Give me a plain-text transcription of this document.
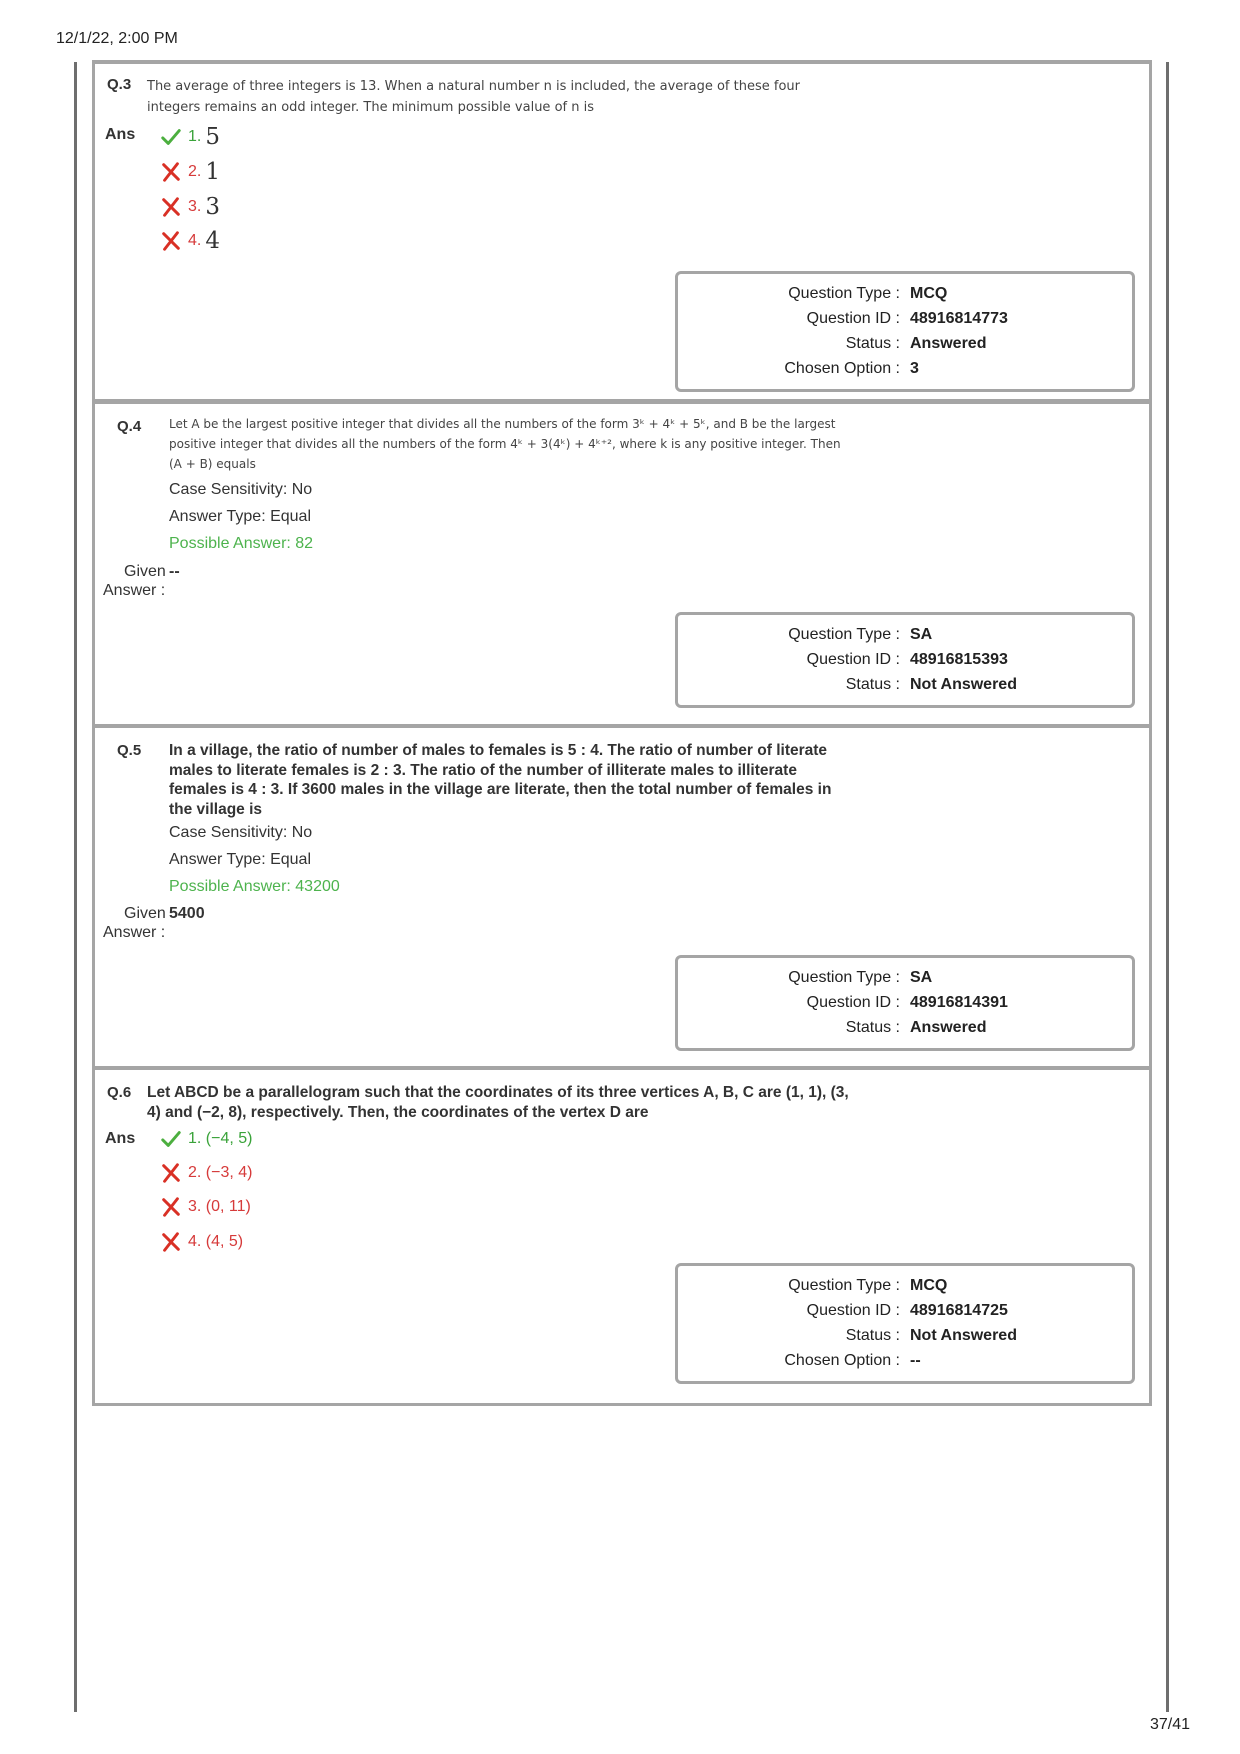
12/1/22, 2:00 PM
37/41
Q.3 The average of three integers is 13. When a natural number n is included, the average of these four integers remains an odd integer. The minimum possible value of n is
Ans	1. 5
2. 1
3. 3
4. 4
Question Type : MCQ
Question ID : 48916814773
Status : Answered
Chosen Option : 3
Q.4 Let A be the largest positive integer that divides all the numbers of the form 3ᵏ + 4ᵏ + 5ᵏ, and B be the largest
positive integer that divides all the numbers of the form 4ᵏ + 3(4ᵏ) + 4ᵏ⁺², where k is any positive integer. Then
(A + B) equals
Case Sensitivity: No
Answer Type: Equal
Possible Answer: 82
Given --
Answer :
Question Type : SA
Question ID : 48916815393
Status : Not Answered
Q.5 In a village, the ratio of number of males to females is 5 : 4. The ratio of number of literate males to literate females is 2 : 3. The ratio of the number of illiterate males to illiterate females is 4 : 3. If 3600 males in the village are literate, then the total number of females in the village is
Case Sensitivity: No
Answer Type: Equal
Possible Answer: 43200
Given 5400
Answer :
Question Type : SA
Question ID : 48916814391
Status : Answered
Q.6 Let ABCD be a parallelogram such that the coordinates of its three vertices A, B, C are (1, 1), (3, 4) and (−2, 8), respectively. Then, the coordinates of the vertex D are
Ans	1. (−4, 5)
2. (−3, 4)
3. (0, 11)
4. (4, 5)
Question Type : MCQ
Question ID : 48916814725
Status : Not Answered
Chosen Option : --
